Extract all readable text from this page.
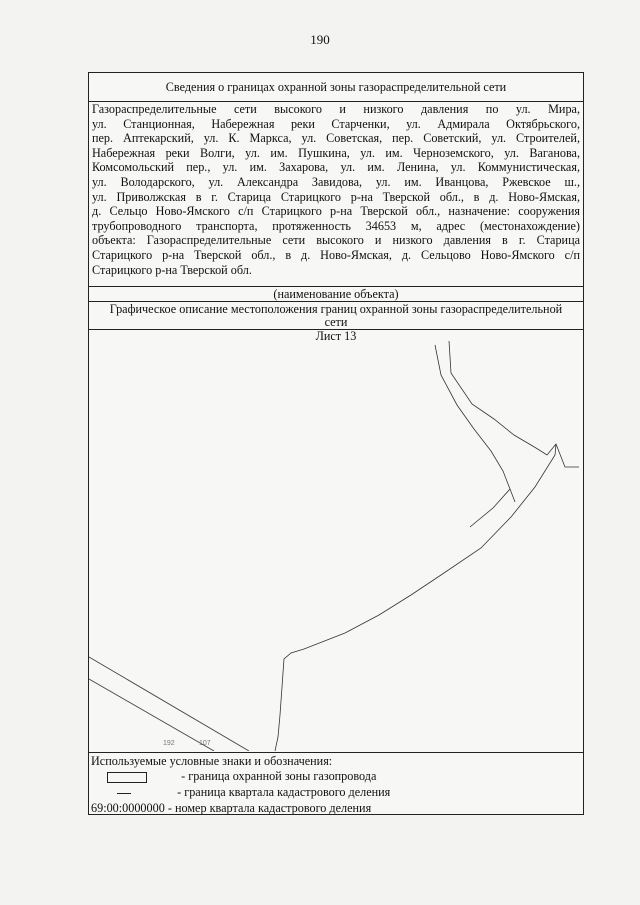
190
Сведения о границах охранной зоны газораспределительной сети
Газораспределительные сети высокого и низкого давления по ул. Мира,
ул. Станционная, Набережная реки Старченки, ул. Адмирала Октябрьского,
пер. Аптекарский, ул. К. Маркса, ул. Советская, пер. Советский, ул. Строителей,
Набережная реки Волги, ул. им. Пушкина, ул. им. Черноземского, ул. Ваганова,
Комсомольский пер., ул. им. Захарова, ул. им. Ленина, ул. Коммунистическая,
ул. Володарского, ул. Александра Завидова, ул. им. Иванцова, Ржевское ш.,
ул. Приволжская в г. Старица Старицкого р-на Тверской обл., в д. Ново-Ямская,
д. Сельцо Ново-Ямского с/п Старицкого р-на Тверской обл., назначение: сооружения
трубопроводного транспорта, протяженность 34653 м, адрес (местонахождение)
объекта: Газораспределительные сети высокого и низкого давления в г. Старица
Старицкого р-на Тверской обл., в д. Ново-Ямская, д. Сельцово Ново-Ямского с/п
Старицкого р-на Тверской обл.
(наименование объекта)
Графическое описание местоположения границ охранной зоны газораспределительной
сети
Лист 13
192	107
Используемые условные знаки и обозначения:
- граница охранной зоны газопровода
- граница квартала кадастрового деления
69:00:0000000 - номер квартала кадастрового деления
